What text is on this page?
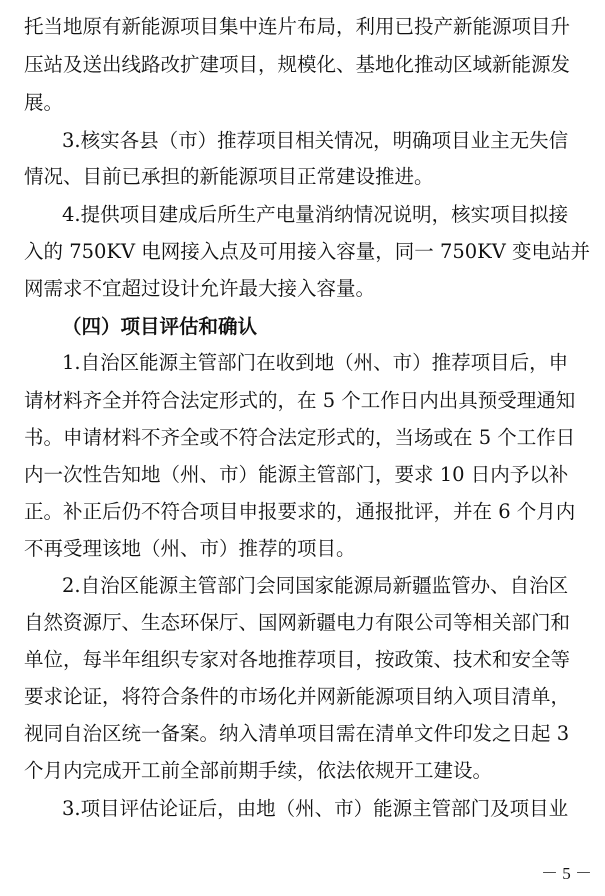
托当地原有新能源项目集中连片布局，利用已投产新能源项目升
压站及送出线路改扩建项目，规模化、基地化推动区域新能源发
展。
3.核实各县（市）推荐项目相关情况，明确项目业主无失信
情况、目前已承担的新能源项目正常建设推进。
4.提供项目建成后所生产电量消纳情况说明，核实项目拟接
入的 750KV 电网接入点及可用接入容量，同一 750KV 变电站并
网需求不宜超过设计允许最大接入容量。
（四）项目评估和确认
1.自治区能源主管部门在收到地（州、市）推荐项目后，申
请材料齐全并符合法定形式的，在 5 个工作日内出具预受理通知
书。申请材料不齐全或不符合法定形式的，当场或在 5 个工作日
内一次性告知地（州、市）能源主管部门，要求 10 日内予以补
正。补正后仍不符合项目申报要求的，通报批评，并在 6 个月内
不再受理该地（州、市）推荐的项目。
2.自治区能源主管部门会同国家能源局新疆监管办、自治区
自然资源厅、生态环保厅、国网新疆电力有限公司等相关部门和
单位，每半年组织专家对各地推荐项目，按政策、技术和安全等
要求论证，将符合条件的市场化并网新能源项目纳入项目清单，
视同自治区统一备案。纳入清单项目需在清单文件印发之日起 3
个月内完成开工前全部前期手续，依法依规开工建设。
3.项目评估论证后，由地（州、市）能源主管部门及项目业
－ 5 －
